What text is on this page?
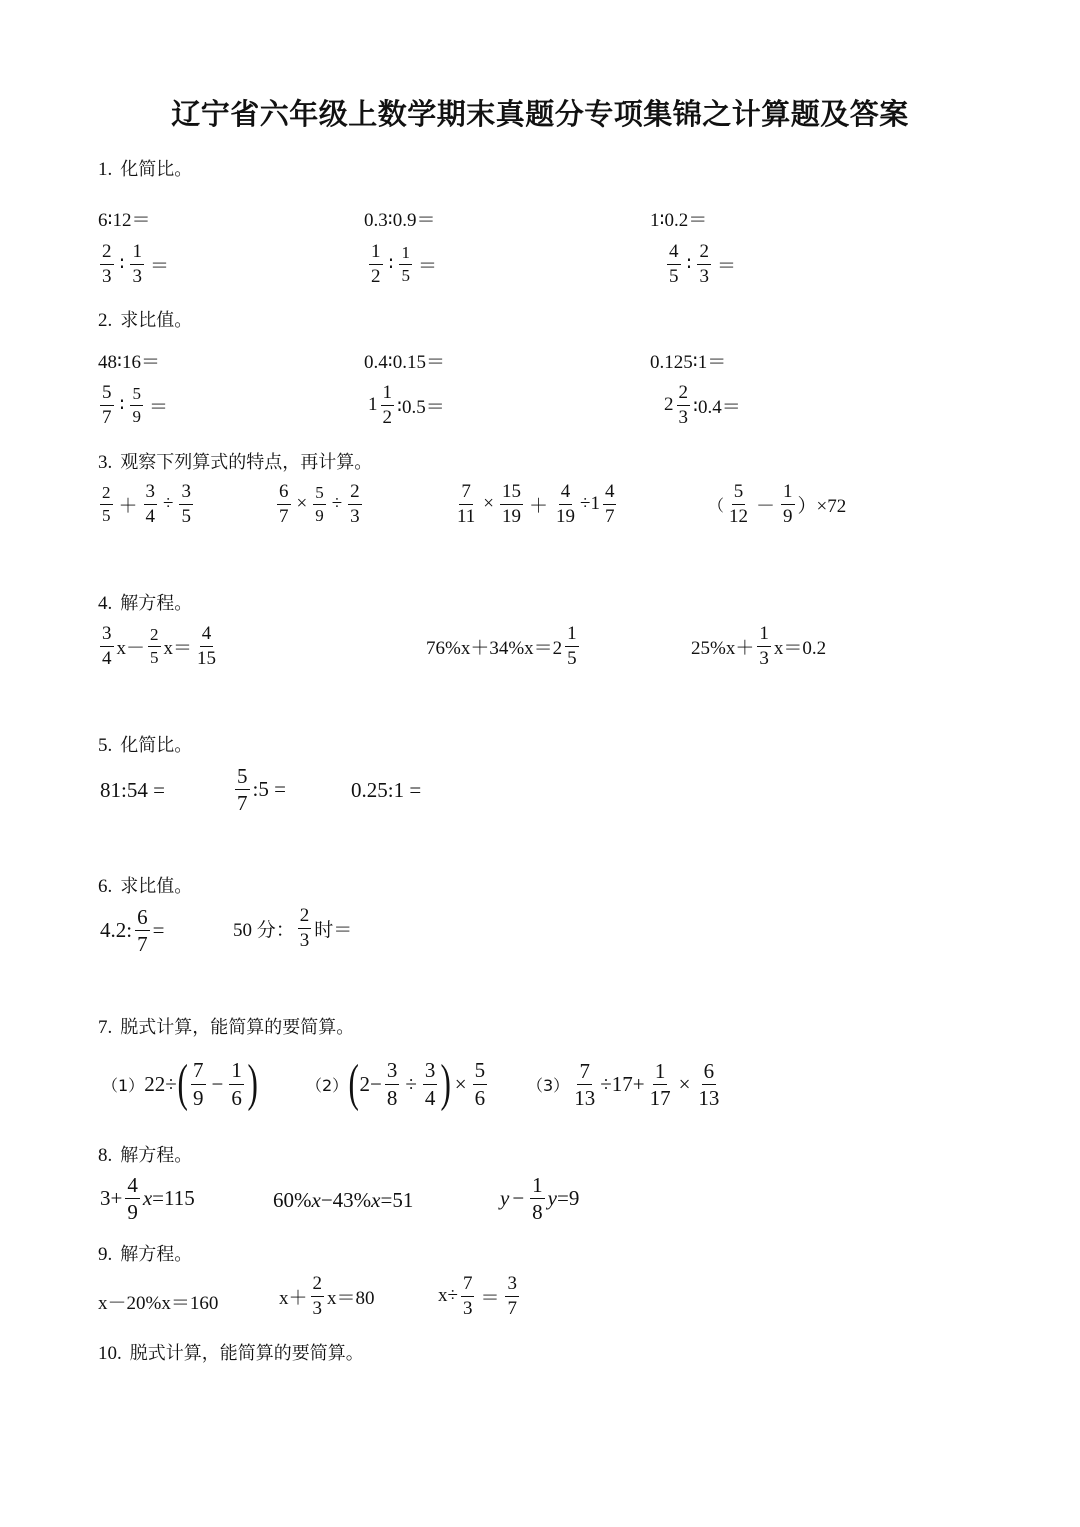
辽宁省六年级上数学期末真题分专项集锦之计算题及答案
1. 化简比。
6∶12＝	0.3∶0.9＝	1∶0.2＝
$\frac{2}{3}$ ∶ $\frac{1}{3}$ ＝	$\frac{1}{2}$ ∶ $\frac{1}{5}$ ＝	$\frac{4}{5}$ ∶ $\frac{2}{3}$ ＝
2. 求比值。
48∶16＝	0.4∶0.15＝	0.125∶1＝
$\frac{5}{7}$ ∶ $\frac{5}{9}$ ＝	$1 \frac{1}{2}$ ∶0.5＝	$2 \frac{2}{3}$ ∶0.4＝
3. 观察下列算式的特点，再计算。
$\frac{2}{5} + \frac{3}{4} \div \frac{3}{5}$	$\frac{6}{7} \times \frac{5}{9} \div \frac{2}{3}$	$\frac{7}{11} \times \frac{15}{19} + \frac{4}{19} \div 1 \frac{4}{7}$	（ $\frac{5}{12} - \frac{1}{9} )\times 72$
4. 解方程。
$\frac{3}{4} x- \frac{2}{5} x= \frac{4}{15}$	$76\%x+34\%x=2 \frac{1}{5}$	$25\%x+ \frac{1}{3} x=0.2$
5. 化简比。
81:54 =	$\frac{5}{7}$ :5 =	0.25:1 =
6. 求比值。
4.2: $\frac{6}{7}$ =	50 分： $\frac{2}{3}$ 时＝
7. 脱式计算，能简算的要简算。
（1） 22÷ ( $\frac{7}{9} - \frac{1}{6}$ )	（2） ( $2- \frac{3}{8} \div \frac{3}{4}$ ) × $\frac{5}{6} (3) \frac{7}{13} \div 17+ \frac{1}{17} \times \frac{6}{13}$
8. 解方程。
$3+ \frac{4}{9}$ x =115	60% x −43% x =51	$y - \frac{1}{8}$ y =9
9. 解方程。
x－20%x＝160	$x+ \frac{2}{3} x=80$	$x\div \frac{7}{3} = \frac{3}{7}$
10. 脱式计算，能简算的要简算。
